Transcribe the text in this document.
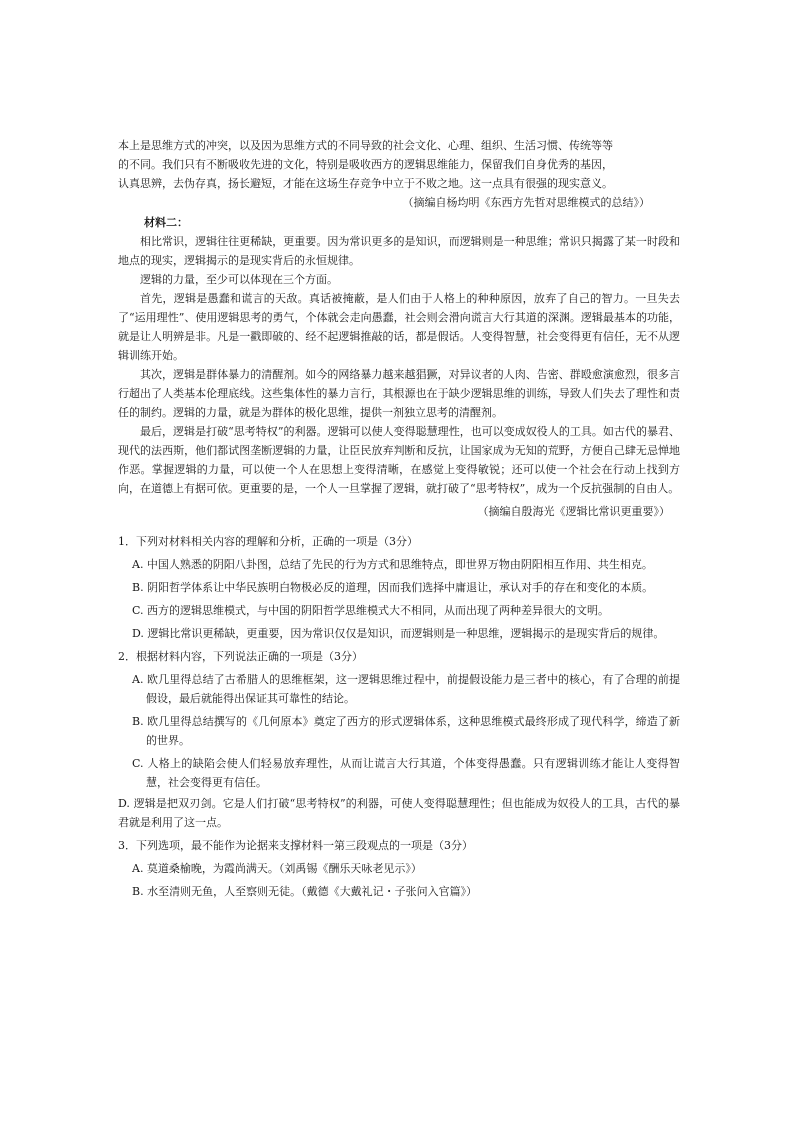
本上是思维方式的冲突，以及因为思维方式的不同导致的社会文化、心理、组织、生活习惯、传统等等

的不同。我们只有不断吸收先进的文化，特别是吸收西方的逻辑思维能力，保留我们自身优秀的基因，

认真思辨，去伪存真，扬长避短，才能在这场生存竞争中立于不败之地。这一点具有很强的现实意义。

（摘编自杨均明《东西方先哲对思维模式的总结》）

材料二：

相比常识，逻辑往往更稀缺，更重要。因为常识更多的是知识，而逻辑则是一种思维；常识只揭露了某一时段和地点的现实，逻辑揭示的是现实背后的永恒规律。

逻辑的力量，至少可以体现在三个方面。

首先，逻辑是愚蠢和谎言的天敌。真话被掩蔽，是人们由于人格上的种种原因，放弃了自己的智力。一旦失去了“运用理性”、使用逻辑思考的勇气，个体就会走向愚蠢，社会则会滑向谎言大行其道的深渊。逻辑最基本的功能，就是让人明辨是非。凡是一戳即破的、经不起逻辑推敲的话，都是假话。人变得智慧，社会变得更有信任，无不从逻辑训练开始。

其次，逻辑是群体暴力的清醒剂。如今的网络暴力越来越猖獗，对异议者的人肉、告密、群殴愈演愈烈，很多言行超出了人类基本伦理底线。这些集体性的暴力言行，其根源也在于缺少逻辑思维的训练，导致人们失去了理性和责任的制约。逻辑的力量，就是为群体的极化思维，提供一剂独立思考的清醒剂。

最后，逻辑是打破“思考特权”的利器。逻辑可以使人变得聪慧理性，也可以变成奴役人的工具。如古代的暴君、现代的法西斯，他们都试图垄断逻辑的力量，让臣民放弃判断和反抗，让国家成为无知的荒野，方便自己肆无忌惮地作恶。掌握逻辑的力量，可以使一个人在思想上变得清晰，在感觉上变得敏锐；还可以使一个社会在行动上找到方向，在道德上有据可依。更重要的是，一个人一旦掌握了逻辑，就打破了“思考特权”，成为一个反抗强制的自由人。

（摘编自殷海光《逻辑比常识更重要》）

1．下列对材料相关内容的理解和分析，正确的一项是（3分）

A. 中国人熟悉的阴阳八卦图，总结了先民的行为方式和思维特点，即世界万物由阴阳相互作用、共生相克。

B. 阴阳哲学体系让中华民族明白物极必反的道理，因而我们选择中庸退让，承认对手的存在和变化的本质。

C. 西方的逻辑思维模式，与中国的阴阳哲学思维模式大不相同，从而出现了两种差异很大的文明。

D. 逻辑比常识更稀缺，更重要，因为常识仅仅是知识，而逻辑则是一种思维，逻辑揭示的是现实背后的规律。

2．根据材料内容，下列说法正确的一项是（3分）

A. 欧几里得总结了古希腊人的思维框架，这一逻辑思维过程中，前提假设能力是三者中的核心，有了合理的前提假设，最后就能得出保证其可靠性的结论。

B. 欧几里得总结撰写的《几何原本》奠定了西方的形式逻辑体系，这种思维模式最终形成了现代科学，缔造了新的世界。

C. 人格上的缺陷会使人们轻易放弃理性，从而让谎言大行其道，个体变得愚蠢。只有逻辑训练才能让人变得智慧，社会变得更有信任。

D. 逻辑是把双刃剑。它是人们打破“思考特权”的利器，可使人变得聪慧理性；但也能成为奴役人的工具，古代的暴君就是利用了这一点。

3．下列选项，最不能作为论据来支撑材料一第三段观点的一项是（3分）

A. 莫道桑榆晚，为霞尚满天。（刘禹锡《酬乐天咏老见示》）

B. 水至清则无鱼，人至察则无徒。（戴德《大戴礼记・子张问入官篇》）
